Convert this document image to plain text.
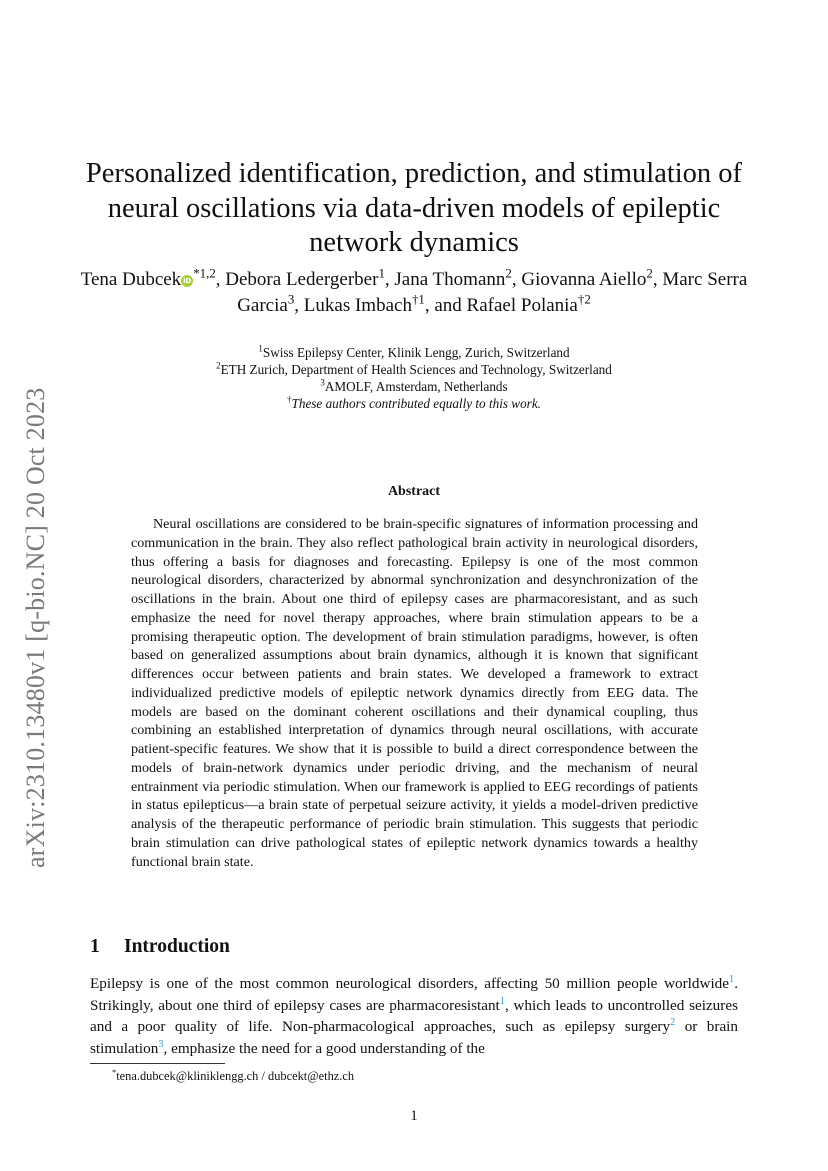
arXiv:2310.13480v1 [q-bio.NC] 20 Oct 2023
Personalized identification, prediction, and stimulation of neural oscillations via data-driven models of epileptic network dynamics
Tena Dubcek iD$^{*1,2}$, Debora Ledergerber$^1$, Jana Thomann$^2$, Giovanna Aiello$^2$, Marc Serra Garcia$^3$, Lukas Imbach$^{\dagger 1}$, and Rafael Polania$^{\dagger 2}$
$^1$Swiss Epilepsy Center, Klinik Lengg, Zurich, Switzerland
$^2$ETH Zurich, Department of Health Sciences and Technology, Switzerland
$^3$AMOLF, Amsterdam, Netherlands
†These authors contributed equally to this work.
Abstract
Neural oscillations are considered to be brain-specific signatures of information processing and communication in the brain. They also reflect pathological brain activity in neurological disorders, thus offering a basis for diagnoses and forecasting. Epilepsy is one of the most common neurological disorders, characterized by abnormal synchronization and desynchronization of the oscillations in the brain. About one third of epilepsy cases are pharmacoresistant, and as such emphasize the need for novel therapy approaches, where brain stimulation appears to be a promising therapeutic option. The development of brain stimulation paradigms, however, is often based on generalized assumptions about brain dynamics, although it is known that significant differences occur between patients and brain states. We developed a framework to extract individualized predictive models of epileptic network dynamics directly from EEG data. The models are based on the dominant coherent oscillations and their dynamical coupling, thus combining an established interpretation of dynamics through neural oscillations, with accurate patient-specific features. We show that it is possible to build a direct correspondence between the models of brain-network dynamics under periodic driving, and the mechanism of neural entrainment via periodic stimulation. When our framework is applied to EEG recordings of patients in status epilepticus—a brain state of perpetual seizure activity, it yields a model-driven predictive analysis of the therapeutic performance of periodic brain stimulation. This suggests that periodic brain stimulation can drive pathological states of epileptic network dynamics towards a healthy functional brain state.
1 Introduction
Epilepsy is one of the most common neurological disorders, affecting 50 million people worldwide$^1$. Strikingly, about one third of epilepsy cases are pharmacoresistant$^1$, which leads to uncontrolled seizures and a poor quality of life. Non-pharmacological approaches, such as epilepsy surgery$^2$ or brain stimulation$^3$, emphasize the need for a good understanding of the
*tena.dubcek@kliniklengg.ch / dubcekt@ethz.ch
1
